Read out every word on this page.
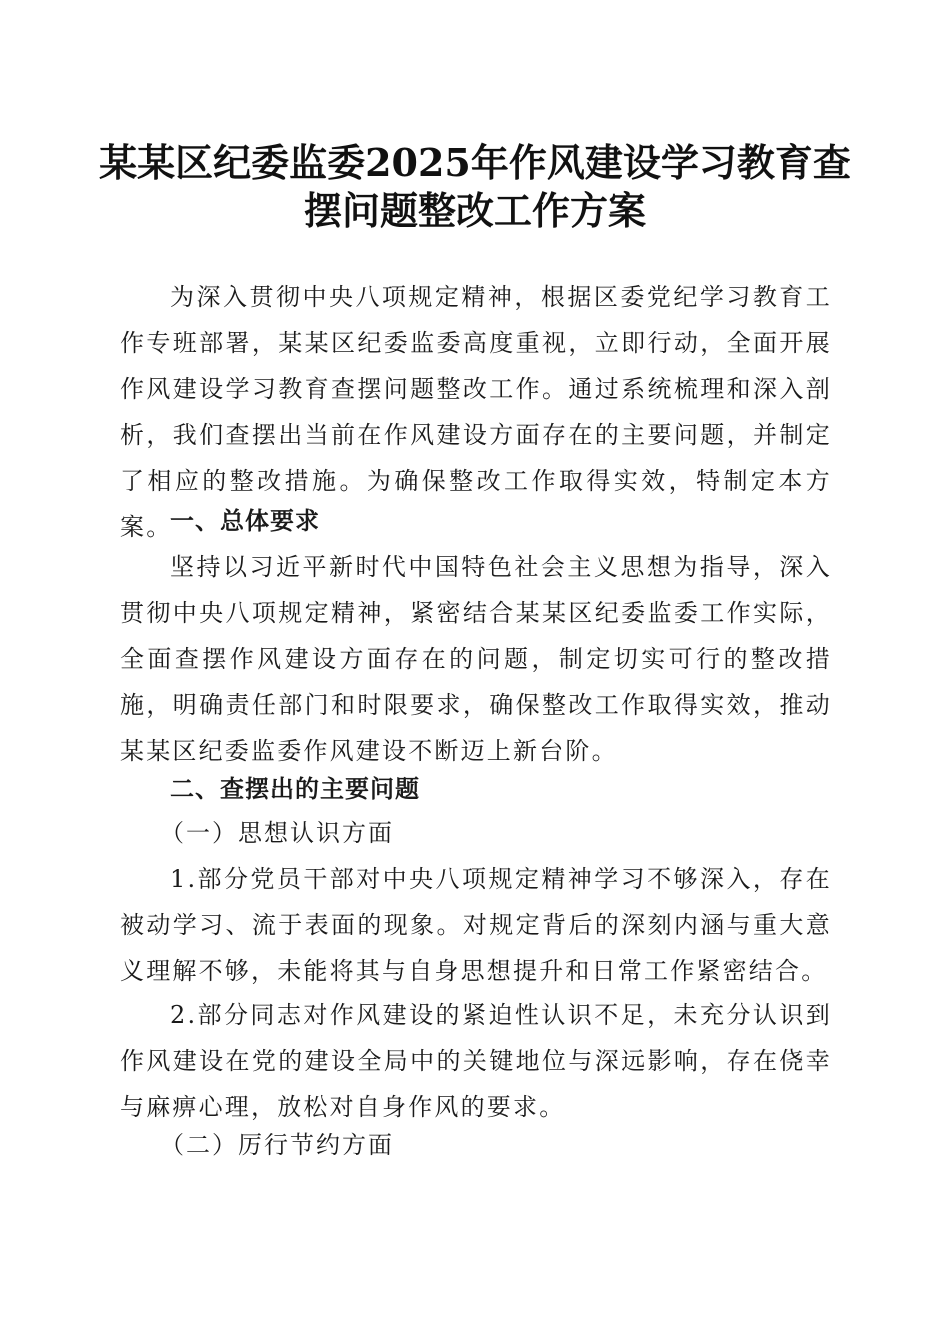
某某区纪委监委2025年作风建设学习教育查
摆问题整改工作方案
为深入贯彻中央八项规定精神，根据区委党纪学习教育工作专班部署，某某区纪委监委高度重视，立即行动，全面开展作风建设学习教育查摆问题整改工作。通过系统梳理和深入剖析，我们查摆出当前在作风建设方面存在的主要问题，并制定了相应的整改措施。为确保整改工作取得实效，特制定本方案。
一、总体要求
坚持以习近平新时代中国特色社会主义思想为指导，深入贯彻中央八项规定精神，紧密结合某某区纪委监委工作实际，全面查摆作风建设方面存在的问题，制定切实可行的整改措施，明确责任部门和时限要求，确保整改工作取得实效，推动某某区纪委监委作风建设不断迈上新台阶。
二、查摆出的主要问题
（一）思想认识方面
1.部分党员干部对中央八项规定精神学习不够深入，存在被动学习、流于表面的现象。对规定背后的深刻内涵与重大意义理解不够，未能将其与自身思想提升和日常工作紧密结合。
2.部分同志对作风建设的紧迫性认识不足，未充分认识到作风建设在党的建设全局中的关键地位与深远影响，存在侥幸与麻痹心理，放松对自身作风的要求。
（二）厉行节约方面
